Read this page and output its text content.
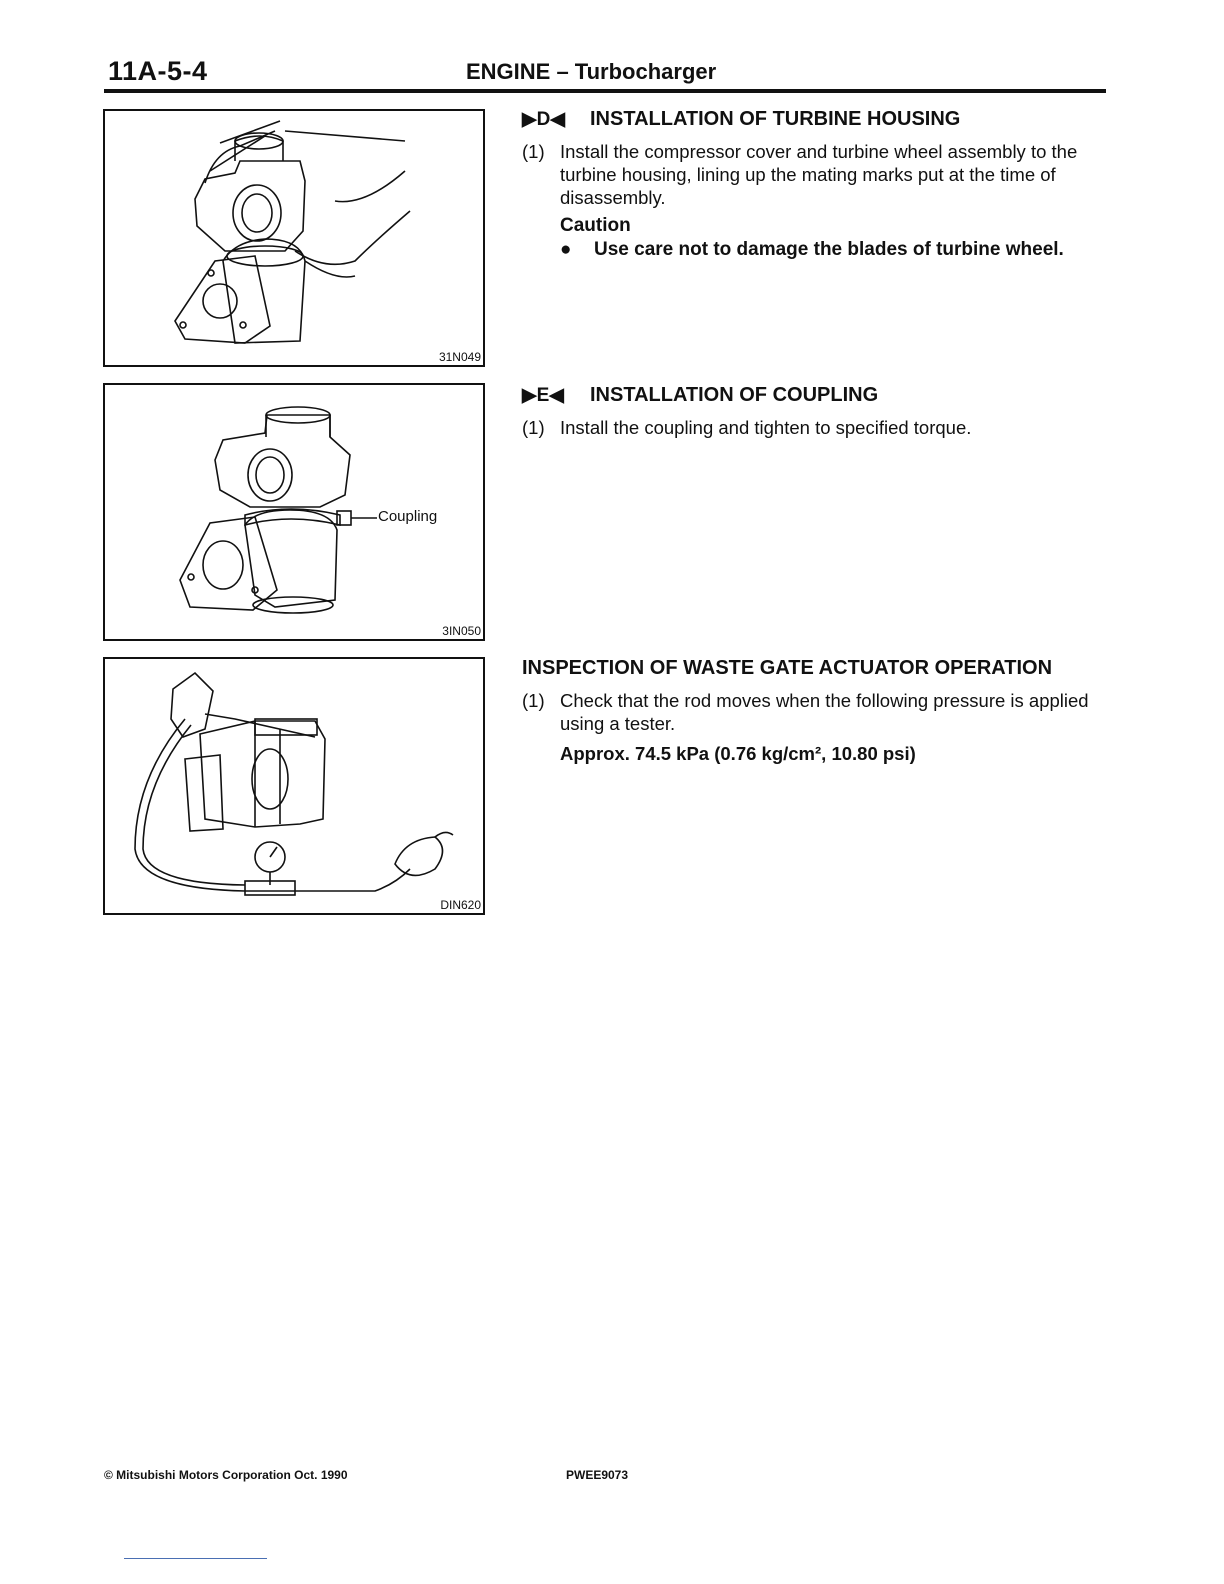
11A-5-4	ENGINE – Turbocharger
31N049
Coupling
3IN050
DIN620
▶D◀ INSTALLATION OF TURBINE HOUSING
(1) Install the compressor cover and turbine wheel assembly to the turbine housing, lining up the mating marks put at the time of disassembly.
Caution
● Use care not to damage the blades of turbine wheel.
▶E◀ INSTALLATION OF COUPLING
(1) Install the coupling and tighten to specified torque.
INSPECTION OF WASTE GATE ACTUATOR OPERATION
(1) Check that the rod moves when the following pressure is applied using a tester.
Approx. 74.5 kPa (0.76 kg/cm², 10.80 psi)
© Mitsubishi Motors Corporation Oct. 1990	PWEE9073
